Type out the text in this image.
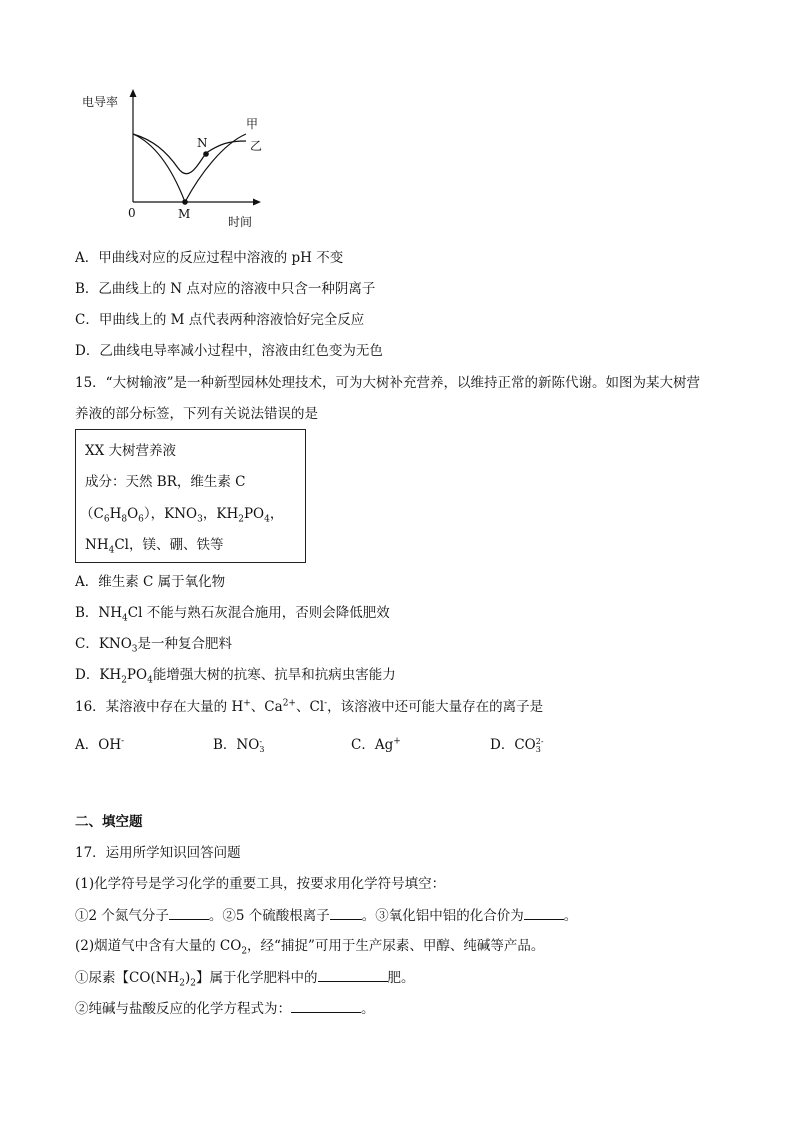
电导率
时间
0	M
N
甲
乙
A．甲曲线对应的反应过程中溶液的 pH 不变
B．乙曲线上的 N 点对应的溶液中只含一种阴离子
C．甲曲线上的 M 点代表两种溶液恰好完全反应
D．乙曲线电导率减小过程中，溶液由红色变为无色
15．“大树输液”是一种新型园林处理技术，可为大树补充营养，以维持正常的新陈代谢。如图为某大树营
养液的部分标签，下列有关说法错误的是
XX 大树营养液
成分：天然 BR，维生素 C
$(C_6H_8O_6)$，$KNO_3$，$KH_2PO_4$，
$NH_4Cl$，镁、硼、铁等
A．维生素 C 属于氧化物
B．$NH_4Cl$ 不能与熟石灰混合施用，否则会降低肥效
C．$KNO_3$是一种复合肥料
D．$KH_2PO_4$能增强大树的抗寒、抗旱和抗病虫害能力
16．某溶液中存在大量的 H+、$Ca^{2+}$、Cl-，该溶液中还可能大量存在的离子是
A．OH-	B．NO -
3	C．Ag+	D．CO 2-
3
二、填空题
17．运用所学知识回答问题
(1)化学符号是学习化学的重要工具，按要求用化学符号填空：
①2 个氮气分子	。②5 个硫酸根离子 。③氧化铝中铝的化合价为	。
(2)烟道气中含有大量的 $CO_2$，经“捕捉”可用于生产尿素、甲醇、纯碱等产品。
①尿素【$CO(NH_2)_2$】属于化学肥料中的	肥。
②纯碱与盐酸反应的化学方程式为：	。
